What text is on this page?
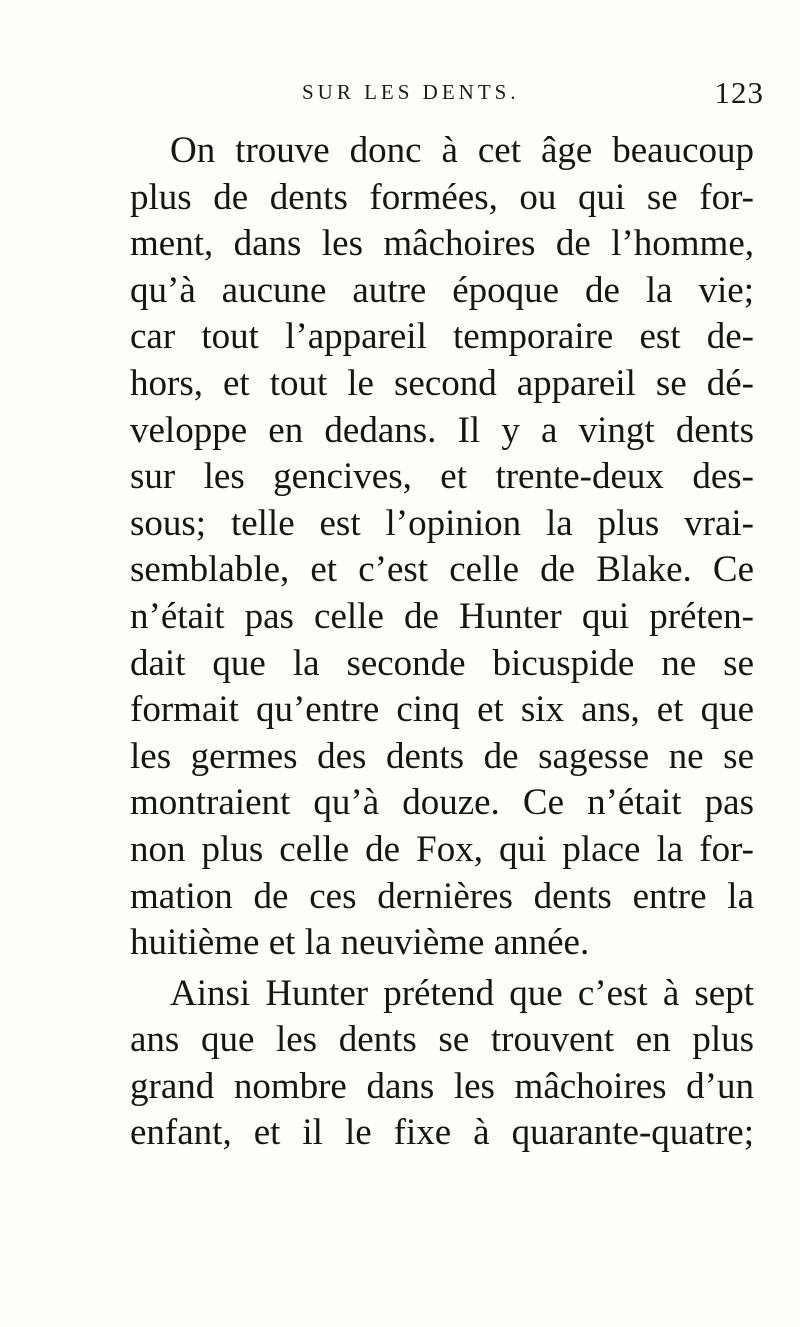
SUR LES DENTS.	123
On trouve donc à cet âge beaucoup
plus de dents formées, ou qui se for-
ment, dans les mâchoires de l’homme,
qu’à aucune autre époque de la vie;
car tout l’appareil temporaire est de-
hors, et tout le second appareil se dé-
veloppe en dedans. Il y a vingt dents
sur les gencives, et trente-deux des-
sous; telle est l’opinion la plus vrai-
semblable, et c’est celle de Blake. Ce
n’était pas celle de Hunter qui préten-
dait que la seconde bicuspide ne se
formait qu’entre cinq et six ans, et que
les germes des dents de sagesse ne se
montraient qu’à douze. Ce n’était pas
non plus celle de Fox, qui place la for-
mation de ces dernières dents entre la
huitième et la neuvième année.
Ainsi Hunter prétend que c’est à sept
ans que les dents se trouvent en plus
grand nombre dans les mâchoires d’un
enfant, et il le fixe à quarante-quatre;
